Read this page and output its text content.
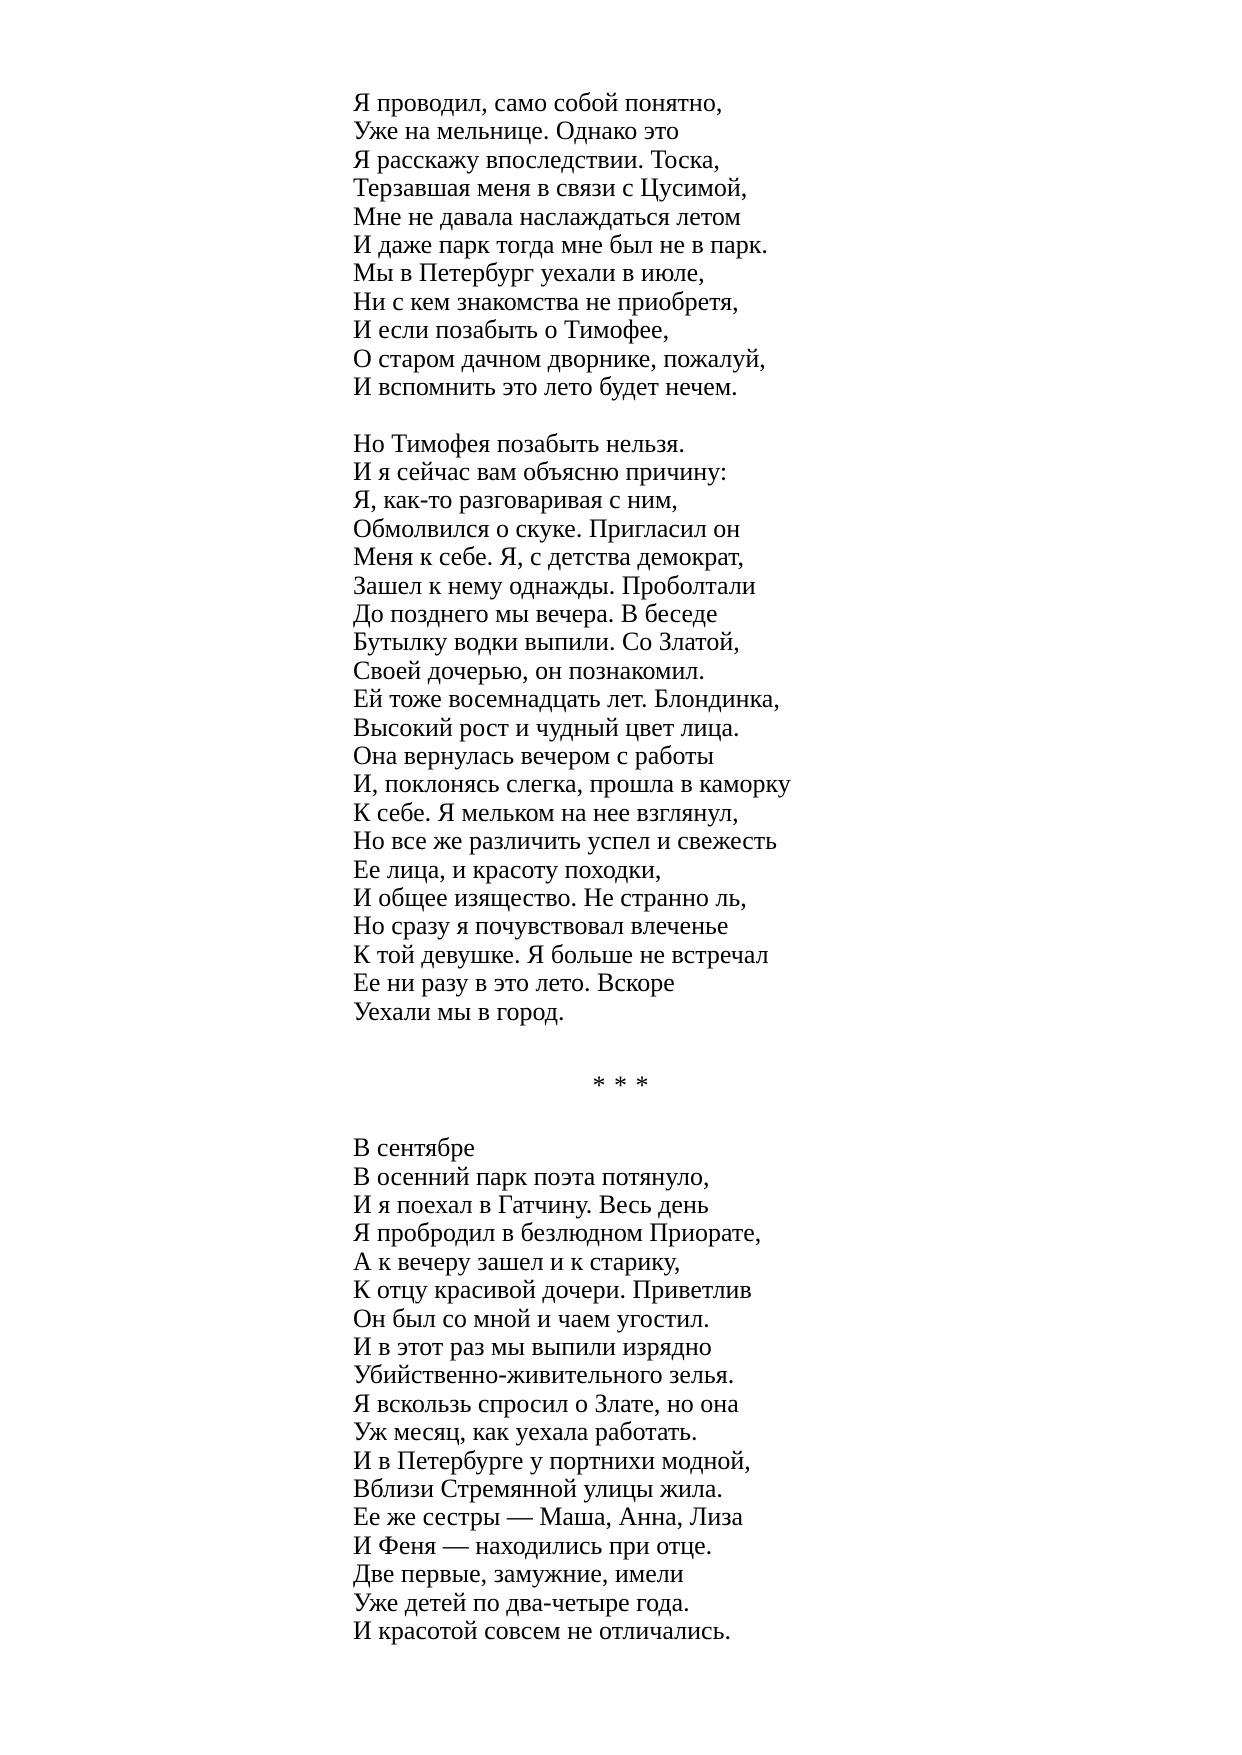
Я проводил, само собой понятно,
Уже на мельнице. Однако это
Я расскажу впоследствии. Тоска,
Терзавшая меня в связи с Цусимой,
Мне не давала наслаждаться летом
И даже парк тогда мне был не в парк.
Мы в Петербург уехали в июле,
Ни с кем знакомства не приобретя,
И если позабыть о Тимофее,
О старом дачном дворнике, пожалуй,
И вспомнить это лето будет нечем.
Но Тимофея позабыть нельзя.
И я сейчас вам объясню причину:
Я, как-то разговаривая с ним,
Обмолвился о скуке. Пригласил он
Меня к себе. Я, с детства демократ,
Зашел к нему однажды. Проболтали
До позднего мы вечера. В беседе
Бутылку водки выпили. Со Златой,
Своей дочерью, он познакомил.
Ей тоже восемнадцать лет. Блондинка,
Высокий рост и чудный цвет лица.
Она вернулась вечером с работы
И, поклонясь слегка, прошла в каморку
К себе. Я мельком на нее взглянул,
Но все же различить успел и свежесть
Ее лица, и красоту походки,
И общее изящество. Не странно ль,
Но сразу я почувствовал влеченье
К той девушке. Я больше не встречал
Ее ни разу в это лето. Вскоре
Уехали мы в город.
* * *
В сентябре
В осенний парк поэта потянуло,
И я поехал в Гатчину. Весь день
Я пробродил в безлюдном Приорате,
А к вечеру зашел и к старику,
К отцу красивой дочери. Приветлив
Он был со мной и чаем угостил.
И в этот раз мы выпили изрядно
Убийственно-живительного зелья.
Я вскользь спросил о Злате, но она
Уж месяц, как уехала работать.
И в Петербурге у портнихи модной,
Вблизи Стремянной улицы жила.
Ее же сестры — Маша, Анна, Лиза
И Феня — находились при отце.
Две первые, замужние, имели
Уже детей по два-четыре года.
И красотой совсем не отличались.
